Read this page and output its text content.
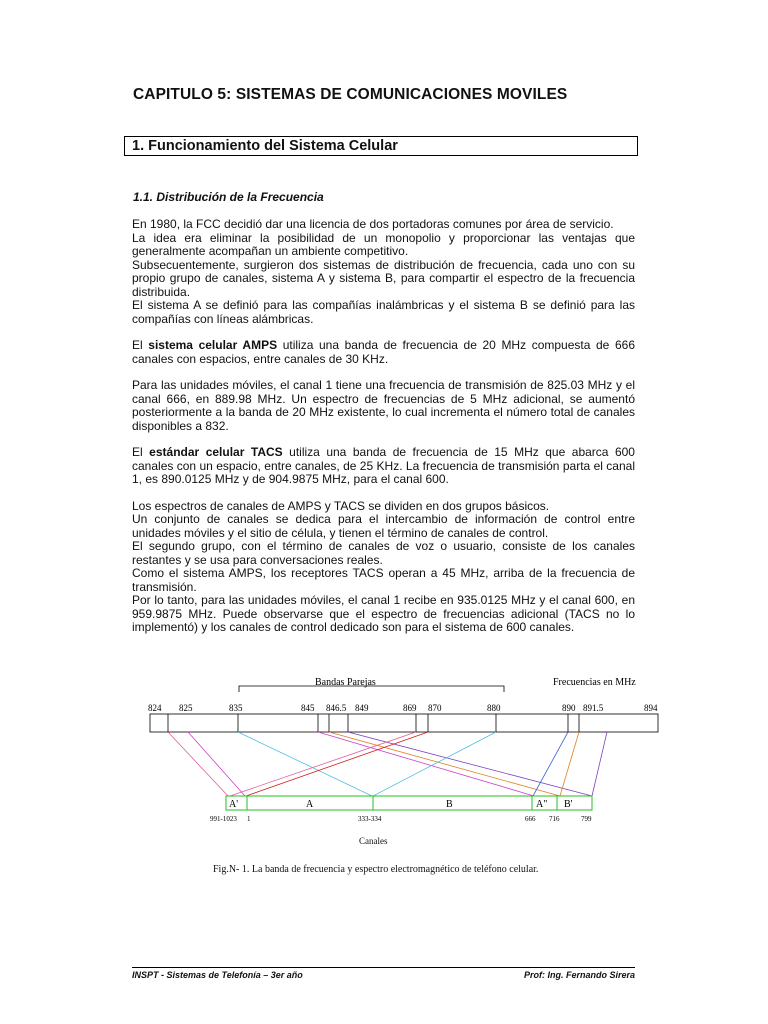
CAPITULO 5: SISTEMAS DE COMUNICACIONES MOVILES
1. Funcionamiento del Sistema Celular
1.1. Distribución de la Frecuencia

En 1980, la FCC decidió dar una licencia de dos portadoras comunes por área de servicio.

La idea era eliminar la posibilidad de un monopolio y proporcionar las ventajas que generalmente acompañan un ambiente competitivo.

Subsecuentemente, surgieron dos sistemas de distribución de frecuencia, cada uno con su propio grupo de canales, sistema A y sistema B, para compartir el espectro de la frecuencia distribuida.

El sistema A se definió para las compañías inalámbricas y el sistema B se definió para las compañías con líneas alámbricas.

El sistema celular AMPS utiliza una banda de frecuencia de 20 MHz compuesta de 666 canales con espacios, entre canales de 30 KHz.

Para las unidades móviles, el canal 1 tiene una frecuencia de transmisión de 825.03 MHz y el canal 666, en 889.98 MHz. Un espectro de frecuencias de 5 MHz adicional, se aumentó posteriormente a la banda de 20 MHz existente, lo cual incrementa el número total de canales disponibles a 832.

El estándar celular TACS utiliza una banda de frecuencia de 15 MHz que abarca 600 canales con un espacio, entre canales, de 25 KHz. La frecuencia de transmisión parta el canal 1, es 890.0125 MHz y de 904.9875 MHz, para el canal 600.

Los espectros de canales de AMPS y TACS se dividen en dos grupos básicos.

Un conjunto de canales se dedica para el intercambio de información de control entre unidades móviles y el sitio de célula, y tienen el término de canales de control.

El segundo grupo, con el término de canales de voz o usuario, consiste de los canales restantes y se usa para conversaciones reales.

Como el sistema AMPS, los receptores TACS operan a 45 MHz, arriba de la frecuencia de transmisión.

Por lo tanto, para las unidades móviles, el canal 1 recibe en 935.0125 MHz y el canal 600, en 959.9875 MHz. Puede observarse que el espectro de frecuencias adicional (TACS no lo implementó) y los canales de control dedicado son para el sistema de 600 canales.

Bandas Parejas	Frecuencias en MHz
824 825	835	845 846.5 849	869 870	880	890 891.5	894
A'	A	B	A" B'
991-1023 1	333-334	666 716	799
Canales
Fig.N- 1. La banda de frecuencia y espectro electromagnético de teléfono celular.
INSPT - Sistemas de Telefonía – 3er año	Prof: Ing. Fernando Sirera
